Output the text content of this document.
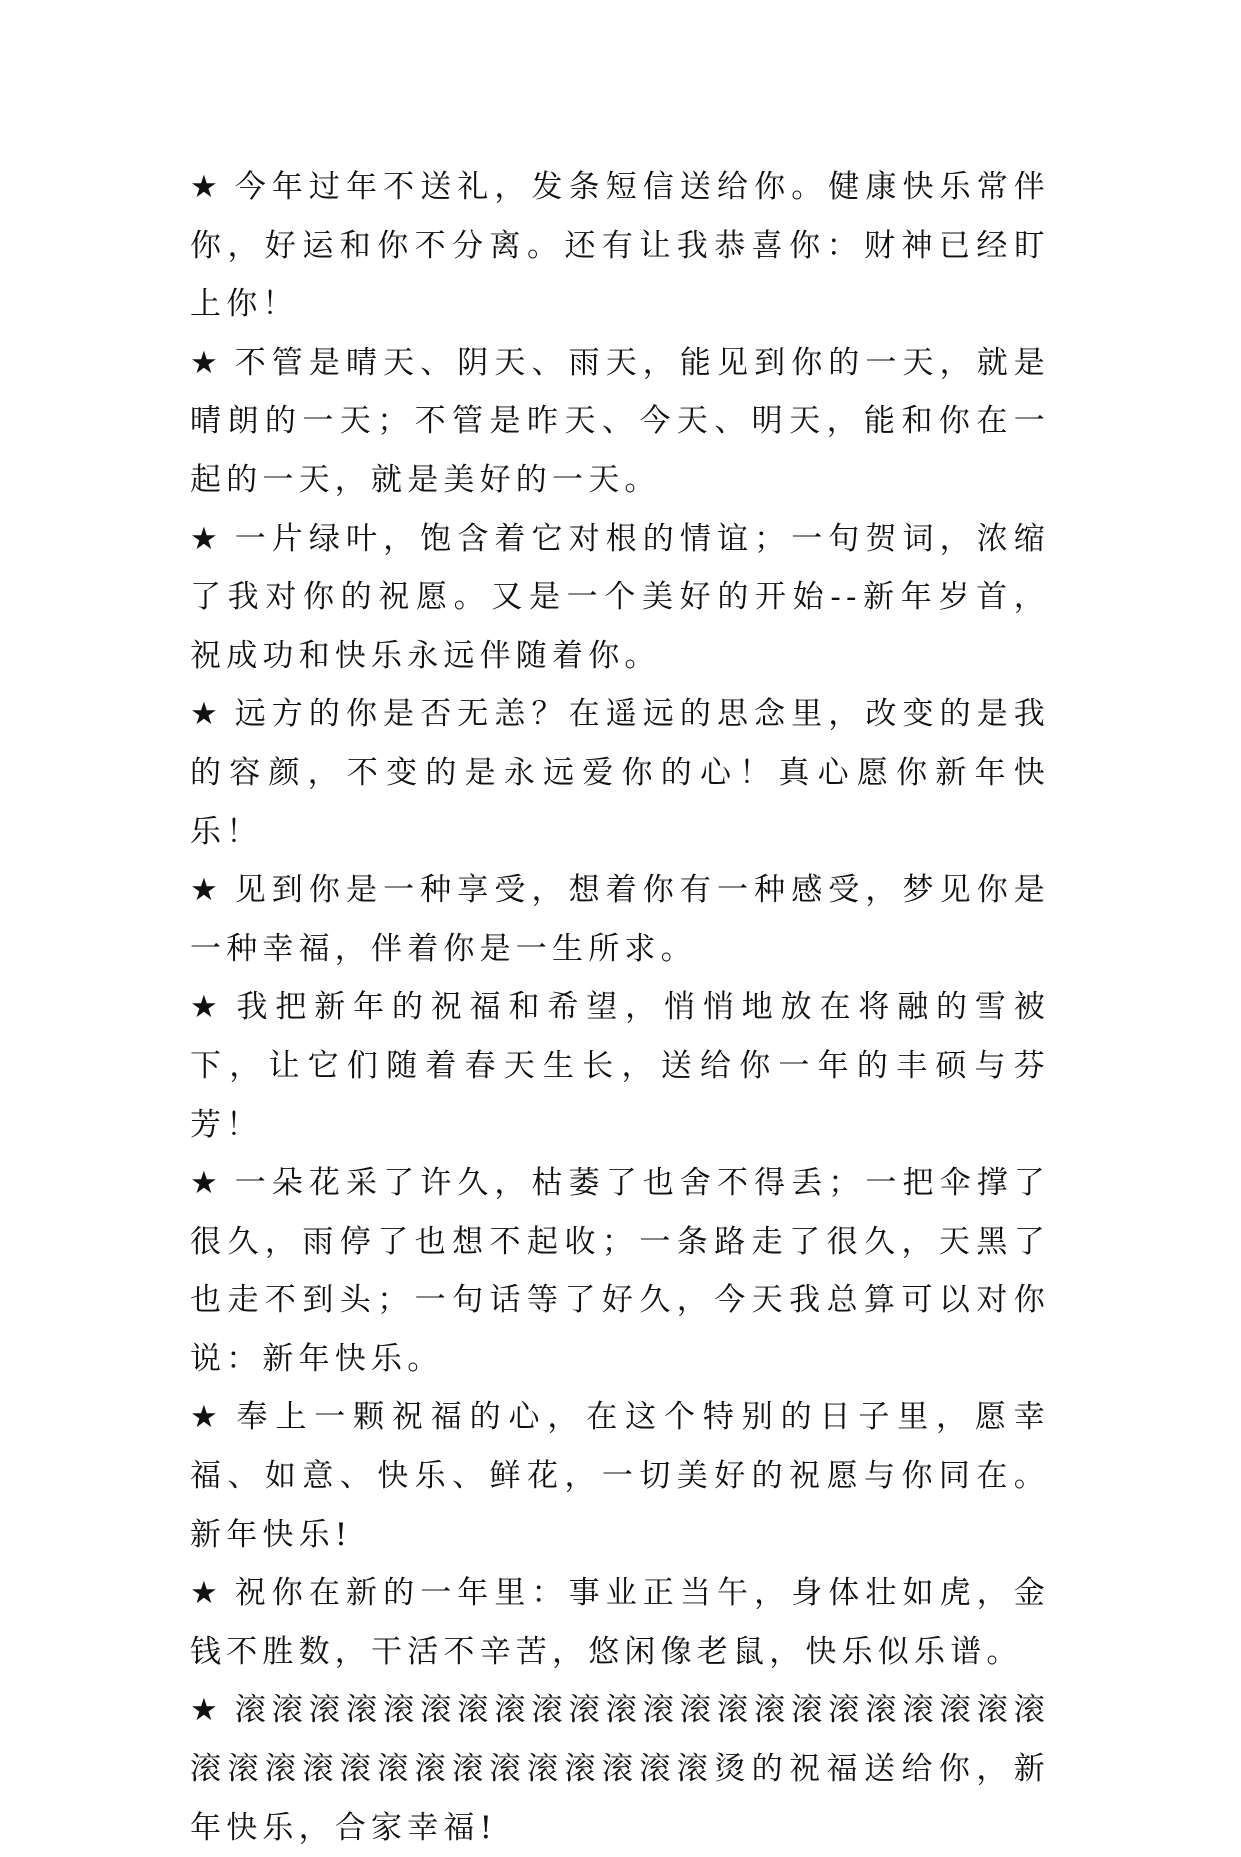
★ 今年过年不送礼，发条短信送给你。健康快乐常伴你，好运和你不分离。还有让我恭喜你：财神已经盯上你！

★ 不管是晴天、阴天、雨天，能见到你的一天，就是晴朗的一天；不管是昨天、今天、明天，能和你在一起的一天，就是美好的一天。

★ 一片绿叶，饱含着它对根的情谊；一句贺词，浓缩了我对你的祝愿。又是一个美好的开始--新年岁首，祝成功和快乐永远伴随着你。

★ 远方的你是否无恙？在遥远的思念里，改变的是我的容颜，不变的是永远爱你的心！真心愿你新年快乐！

★ 见到你是一种享受，想着你有一种感受，梦见你是一种幸福，伴着你是一生所求。

★ 我把新年的祝福和希望，悄悄地放在将融的雪被下，让它们随着春天生长，送给你一年的丰硕与芬芳！

★ 一朵花采了许久，枯萎了也舍不得丢；一把伞撑了很久，雨停了也想不起收；一条路走了很久，天黑了也走不到头；一句话等了好久，今天我总算可以对你说：新年快乐。

★ 奉上一颗祝福的心，在这个特别的日子里，愿幸福、如意、快乐、鲜花，一切美好的祝愿与你同在。新年快乐!

★ 祝你在新的一年里：事业正当午，身体壮如虎，金钱不胜数，干活不辛苦，悠闲像老鼠，快乐似乐谱。

★ 滚滚滚滚滚滚滚滚滚滚滚滚滚滚滚滚滚滚滚滚滚滚滚滚滚滚滚滚滚滚滚滚滚滚滚滚烫的祝福送给你，新年快乐，合家幸福!
